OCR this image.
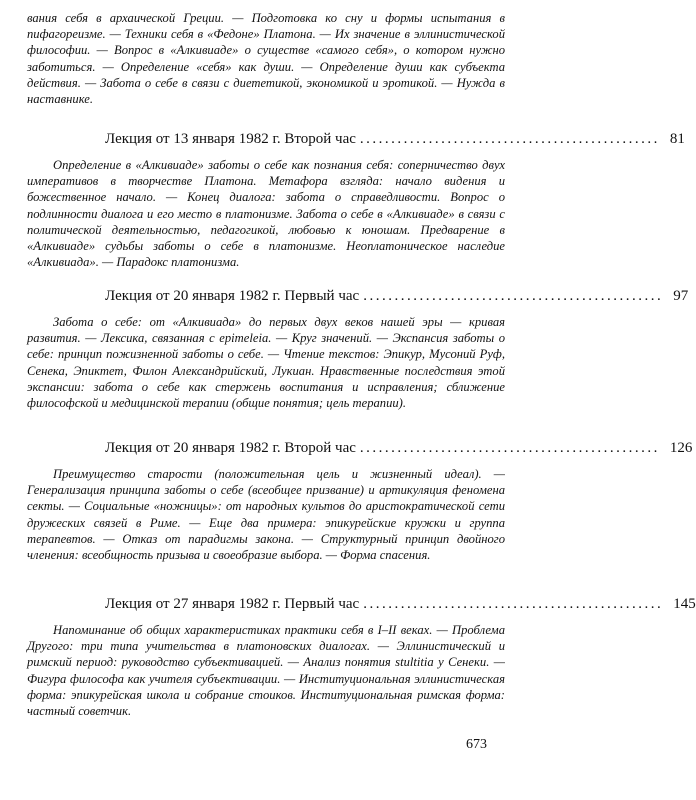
вания себя в архаической Греции. — Подготовка ко сну и формы испытания в пифагореизме. — Техники себя в «Федоне» Платона. — Их значение в эллинистической философии. — Вопрос в «Алкивиаде» о существе «самого себя», о котором нужно заботиться. — Определение «себя» как души. — Определение души как субъекта действия. — Забота о себе в связи с диететикой, экономикой и эротикой. — Нужда в наставнике.

Лекция от 13 января 1982 г. Второй час ................................................ 81

Определение в «Алкивиаде» заботы о себе как познания себя: соперничество двух императивов в творчестве Платона. Метафора взгляда: начало видения и божественное начало. — Конец диалога: забота о справедливости. Вопрос о подлинности диалога и его место в платонизме. Забота о себе в «Алкивиаде» в связи с политической деятельностью, педагогикой, любовью к юношам. Предварение в «Алкивиаде» судьбы заботы о себе в платонизме. Неоплатоническое наследие «Алкивиада». — Парадокс платонизма.

Лекция от 20 января 1982 г. Первый час ................................................ 97

Забота о себе: от «Алкивиада» до первых двух веков нашей эры — кривая развития. — Лексика, связанная с epimeleia. — Круг значений. — Экспансия заботы о себе: принцип пожизненной заботы о себе. — Чтение текстов: Эпикур, Мусоний Руф, Сенека, Эпиктет, Филон Александрийский, Лукиан. Нравственные последствия этой экспансии: забота о себе как стержень воспитания и исправления; сближение философской и медицинской терапии (общие понятия; цель терапии).

Лекция от 20 января 1982 г. Второй час ................................................ 126

Преимущество старости (положительная цель и жизненный идеал). — Генерализация принципа заботы о себе (всеобщее призвание) и артикуляция феномена секты. — Социальные «ножницы»: от народных культов до аристократической сети дружеских связей в Риме. — Еще два примера: эпикурейские кружки и группа терапевтов. — Отказ от парадигмы закона. — Структурный принцип двойного членения: всеобщность призыва и своеобразие выбора. — Форма спасения.

Лекция от 27 января 1982 г. Первый час ................................................ 145

Напоминание об общих характеристиках практики себя в I–II веках. — Проблема Другого: три типа учительства в платоновских диалогах. — Эллинистический и римский период: руководство субъективацией. — Анализ понятия stultitia у Сенеки. — Фигура философа как учителя субъективации. — Институциональная эллинистическая форма: эпикурейская школа и собрание стоиков. Институциональная римская форма: частный советчик.

673
